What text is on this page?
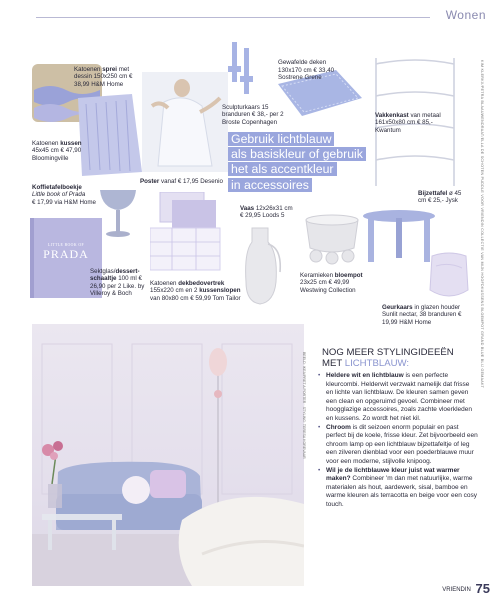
Wonen
LITTLE BOOK OF
PRADA

Gewafelde deken
130x170 cm € 33,40
Sostrene Grene

Katoenen sprei met dessin 150x250 cm € 38,99 H&M Home
Katoenen kussen 45x45 cm € 47,90 Bloomingville
Poster vanaf € 17,95 Desenio
Sculpturkaars 15 branduren € 38,- per 2 Broste Copenhagen
Vakkenkast van metaal 161x50x80 cm € 85,- Kwantum
Koffietafelboekje
Little book of Prada
€ 17,99 via H&M Home
Sektglas/dessert-schaaltje 100 ml € 26,90 per 2 Like. by Villeroy & Boch
Katoenen dekbedovertrek 155x220 cm en 2 kussenslopen van 80x80 cm € 59,99 Tom Tailor
Vaas 12x26x31 cm € 29,95 Loods 5
Keramieken bloempot 23x25 cm € 49,99 Westwing Collection
Bijzettafel ø 45 cm € 25,- Jysk
Geurkaars in glazen houder Sunlit nectar, 38 branduren € 19,99 H&M Home
Gebruik lichtblauw
als basiskleur of gebruik
het als accentkleur
in accessoires
NOG MEER STYLINGIDEEËN
MET LICHTBLAUW:
• Heldere wit en lichtblauw is een perfecte kleurcombi. Helderwit verzwakt namelijk dat frisse en lichte van lichtblauw. De kleuren samen geven een clean en opgeruimd gevoel. Combineer met hoogglazige accessoires, zoals zachte vloerkleden en kussens. Zo wordt het niet kil.
• Chroom is dit seizoen enorm populair en past perfect bij de koele, frisse kleur. Zet bijvoorbeeld een chroom lamp op een lichtblauw bijzettafeltje of leg een zilveren dienblad voor een poederblauwe muur voor een moderne, stijlvolle knipoog.
• Wil je de lichtblauwe kleur juist wat warmer maken? Combineer 'm dan met natuurlijke, warme materialen als hout, aardewerk, sisal, bamboe en warme kleuren als terracotta en beige voor een cosy touch.
KIM KLERKX/PETRA BLAAUWENDRAAT/ELLA DE SCHOTEN PUDDLE VOOR VRIENDIN COLLECTIE VAN MIJN HOOFDKUSSENS BLOEMPOT GRAND BLUE BLIJ GEMAAKT
BEELD: IKEA/PRET A PORTER · STYLING: TERESA KOREVAAR
VRIENDIN 75
